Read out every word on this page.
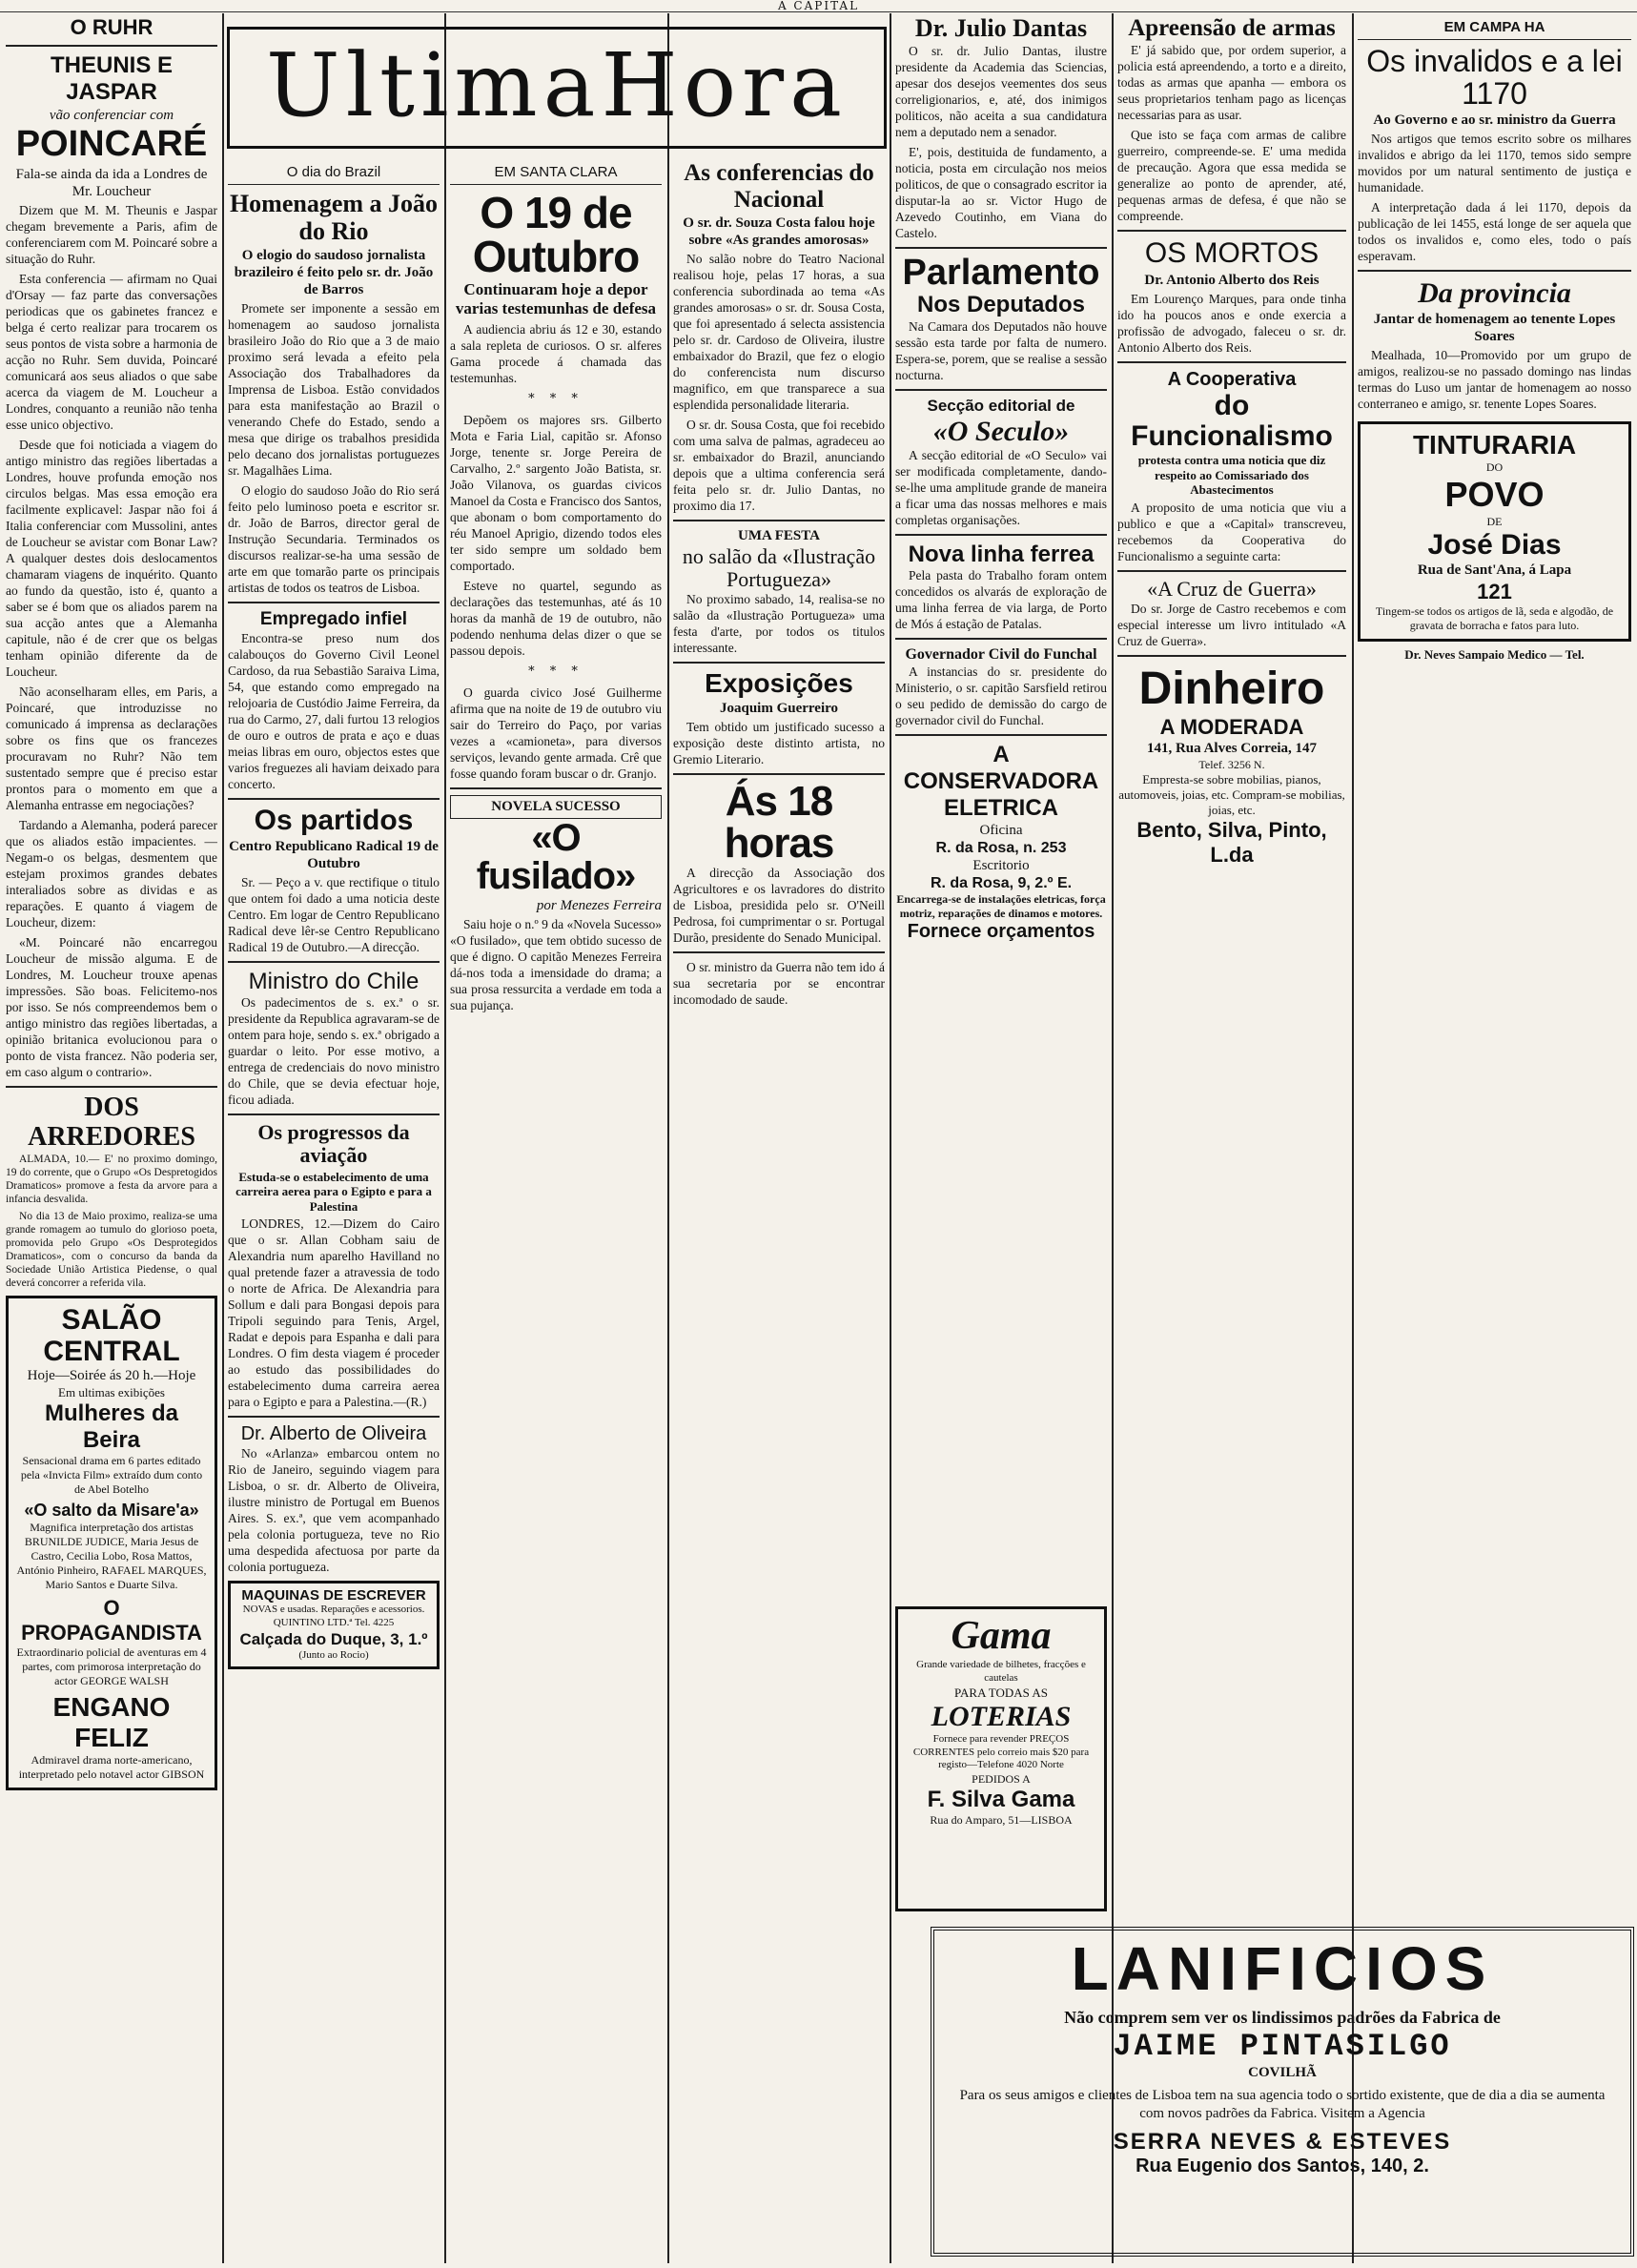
A CAPITAL
UltimaHora
O RUHR
THEUNIS E JASPAR
vão conferenciar com
POINCARÉ
Fala-se ainda da ida a Londres de Mr. Loucheur

Dizem que M. M. Theunis e Jaspar chegam brevemente a Paris, afim de conferenciarem com M. Poincaré sobre a situação do Ruhr.

Esta conferencia — afirmam no Quai d'Orsay — faz parte das conversações periodicas que os gabinetes francez e belga é certo realizar para trocarem os seus pontos de vista sobre a harmonia de acção no Ruhr. Sem duvida, Poincaré comunicará aos seus aliados o que sabe acerca da viagem de M. Loucheur a Londres, conquanto a reunião não tenha esse unico objectivo.

Desde que foi noticiada a viagem do antigo ministro das regiões libertadas a Londres, houve profunda emoção nos circulos belgas. Mas essa emoção era facilmente explicavel: Jaspar não foi á Italia conferenciar com Mussolini, antes de Loucheur se avistar com Bonar Law? A qualquer destes dois deslocamentos chamaram viagens de inquérito. Quanto ao fundo da questão, isto é, quanto a saber se é bom que os aliados parem na sua acção antes que a Alemanha capitule, não é de crer que os belgas tenham opinião diferente da de Loucheur.

Não aconselharam elles, em Paris, a Poincaré, que introduzisse no comunicado á imprensa as declarações sobre os fins que os francezes procuravam no Ruhr? Não tem sustentado sempre que é preciso estar prontos para o momento em que a Alemanha entrasse em negociações?

Tardando a Alemanha, poderá parecer que os aliados estão impacientes. — Negam-o os belgas, desmentem que estejam proximos grandes debates interaliados sobre as dividas e as reparações. E quanto á viagem de Loucheur, dizem:

«M. Poincaré não encarregou Loucheur de missão alguma. E de Londres, M. Loucheur trouxe apenas impressões. São boas. Felicitemo-nos por isso. Se nós compreendemos bem o antigo ministro das regiões libertadas, a opinião britanica evolucionou para o ponto de vista francez. Não poderia ser, em caso algum o contrario».

DOS ARREDORES

ALMADA, 10.— E' no proximo domingo, 19 do corrente, que o Grupo «Os Despretogidos Dramaticos» promove a festa da arvore para a infancia desvalida.

No dia 13 de Maio proximo, realiza-se uma grande romagem ao tumulo do glorioso poeta, promovida pelo Grupo «Os Desprotegidos Dramaticos», com o concurso da banda da Sociedade União Artistica Piedense, o qual deverá concorrer a referida vila.

SALÃO CENTRAL
Hoje—Soirée ás 20 h.—Hoje
Em ultimas exibições
Mulheres da Beira
Sensacional drama em 6 partes editado pela «Invicta Film» extraído dum conto de Abel Botelho
«O salto da Misare'a»
Magnifica interpretação dos artistas BRUNILDE JUDICE, Maria Jesus de Castro, Cecilia Lobo, Rosa Mattos, António Pinheiro, RAFAEL MARQUES, Mario Santos e Duarte Silva.
O PROPAGANDISTA
Extraordinario policial de aventuras em 4 partes, com primorosa interpretação do actor GEORGE WALSH
ENGANO FELIZ
Admiravel drama norte-americano, interpretado pelo notavel actor GIBSON
O dia do Brazil
Homenagem a João do Rio
O elogio do saudoso jornalista brazileiro é feito pelo sr. dr. João de Barros

Promete ser imponente a sessão em homenagem ao saudoso jornalista brasileiro João do Rio que a 3 de maio proximo será levada a efeito pela Associação dos Trabalhadores da Imprensa de Lisboa. Estão convidados para esta manifestação ao Brazil o venerando Chefe do Estado, sendo a mesa que dirige os trabalhos presidida pelo decano dos jornalistas portuguezes sr. Magalhães Lima.

O elogio do saudoso João do Rio será feito pelo luminoso poeta e escritor sr. dr. João de Barros, director geral de Instrução Secundaria. Terminados os discursos realizar-se-ha uma sessão de arte em que tomarão parte os principais artistas de todos os teatros de Lisboa.

Empregado infiel

Encontra-se preso num dos calabouços do Governo Civil Leonel Cardoso, da rua Sebastião Saraiva Lima, 54, que estando como empregado na relojoaria de Custódio Jaime Ferreira, da rua do Carmo, 27, dali furtou 13 relogios de ouro e outros de prata e aço e duas meias libras em ouro, objectos estes que varios freguezes ali haviam deixado para concerto.

Os partidos
Centro Republicano Radical 19 de Outubro

Sr. — Peço a v. que rectifique o titulo que ontem foi dado a uma noticia deste Centro. Em logar de Centro Republicano Radical deve lêr-se Centro Republicano Radical 19 de Outubro.—A direcção.

Ministro do Chile

Os padecimentos de s. ex.ª o sr. presidente da Republica agravaram-se de ontem para hoje, sendo s. ex.ª obrigado a guardar o leito. Por esse motivo, a entrega de credenciais do novo ministro do Chile, que se devia efectuar hoje, ficou adiada.

Os progressos da aviação
Estuda-se o estabelecimento de uma carreira aerea para o Egipto e para a Palestina

LONDRES, 12.—Dizem do Cairo que o sr. Allan Cobham saiu de Alexandria num aparelho Havilland no qual pretende fazer a atravessia de todo o norte de Africa. De Alexandria para Sollum e dali para Bongasi depois para Tripoli seguindo para Tenis, Argel, Radat e depois para Espanha e dali para Londres. O fim desta viagem é proceder ao estudo das possibilidades do estabelecimento duma carreira aerea para o Egipto e para a Palestina.—(R.)

Dr. Alberto de Oliveira

No «Arlanza» embarcou ontem no Rio de Janeiro, seguindo viagem para Lisboa, o sr. dr. Alberto de Oliveira, ilustre ministro de Portugal em Buenos Aires. S. ex.ª, que vem acompanhado pela colonia portugueza, teve no Rio uma despedida afectuosa por parte da colonia portugueza.

MAQUINAS DE ESCREVER
NOVAS e usadas. Reparações e acessorios. QUINTINO LTD.ª Tel. 4225
Calçada do Duque, 3, 1.º
(Junto ao Rocio)
EM SANTA CLARA
O 19 de Outubro
Continuaram hoje a depor varias testemunhas de defesa

A audiencia abriu ás 12 e 30, estando a sala repleta de curiosos. O sr. alferes Gama procede á chamada das testemunhas.

* * *

Depõem os majores srs. Gilberto Mota e Faria Lial, capitão sr. Afonso Jorge, tenente sr. Jorge Pereira de Carvalho, 2.º sargento João Batista, sr. João Vilanova, os guardas civicos Manoel da Costa e Francisco dos Santos, que abonam o bom comportamento do réu Manoel Aprigio, dizendo todos eles ter sido sempre um soldado bem comportado.

Esteve no quartel, segundo as declarações das testemunhas, até ás 10 horas da manhã de 19 de outubro, não podendo nenhuma delas dizer o que se passou depois.

* * *

O guarda civico José Guilherme afirma que na noite de 19 de outubro viu sair do Terreiro do Paço, por varias vezes a «camioneta», para diversos serviços, levando gente armada. Crê que fosse quando foram buscar o dr. Granjo.

NOVELA SUCESSO
«O fusilado»
por Menezes Ferreira

Saiu hoje o n.º 9 da «Novela Sucesso» «O fusilado», que tem obtido sucesso de que é digno. O capitão Menezes Ferreira dá-nos toda a imensidade do drama; a sua prosa ressurcita a verdade em toda a sua pujança.

As conferencias do Nacional
O sr. dr. Souza Costa falou hoje sobre «As grandes amorosas»

No salão nobre do Teatro Nacional realisou hoje, pelas 17 horas, a sua conferencia subordinada ao tema «As grandes amorosas» o sr. dr. Sousa Costa, que foi apresentado á selecta assistencia pelo sr. dr. Cardoso de Oliveira, ilustre embaixador do Brazil, que fez o elogio do conferencista num discurso magnifico, em que transparece a sua esplendida personalidade literaria.

O sr. dr. Sousa Costa, que foi recebido com uma salva de palmas, agradeceu ao sr. embaixador do Brazil, anunciando depois que a ultima conferencia será feita pelo sr. dr. Julio Dantas, no proximo dia 17.

UMA FESTA
no salão da «Ilustração Portugueza»

No proximo sabado, 14, realisa-se no salão da «Ilustração Portugueza» uma festa d'arte, por todos os titulos interessante.

Exposições
Joaquim Guerreiro

Tem obtido um justificado sucesso a exposição deste distinto artista, no Gremio Literario.

Ás 18 horas

A direcção da Associação dos Agricultores e os lavradores do distrito de Lisboa, presidida pelo sr. O'Neill Pedrosa, foi cumprimentar o sr. Portugal Durão, presidente do Senado Municipal.

O sr. ministro da Guerra não tem ido á sua secretaria por se encontrar incomodado de saude.

Dr. Julio Dantas

O sr. dr. Julio Dantas, ilustre presidente da Academia das Sciencias, apesar dos desejos veementes dos seus correligionarios, e, até, dos inimigos politicos, não aceita a sua candidatura nem a deputado nem a senador.

E', pois, destituida de fundamento, a noticia, posta em circulação nos meios politicos, de que o consagrado escritor ia disputar-la ao sr. Victor Hugo de Azevedo Coutinho, em Viana do Castelo.

Parlamento
Nos Deputados

Na Camara dos Deputados não houve sessão esta tarde por falta de numero. Espera-se, porem, que se realise a sessão nocturna.

Secção editorial de
«O Seculo»

A secção editorial de «O Seculo» vai ser modificada completamente, dando-se-lhe uma amplitude grande de maneira a ficar uma das nossas melhores e mais completas organisações.

Nova linha ferrea

Pela pasta do Trabalho foram ontem concedidos os alvarás de exploração de uma linha ferrea de via larga, de Porto de Mós á estação de Patalas.

Governador Civil do Funchal

A instancias do sr. presidente do Ministerio, o sr. capitão Sarsfield retirou o seu pedido de demissão do cargo de governador civil do Funchal.

A CONSERVADORA ELETRICA
Oficina
R. da Rosa, n. 253
Escritorio
R. da Rosa, 9, 2.º E.
Encarrega-se de instalações eletricas, força motriz, reparações de dinamos e motores.
Fornece orçamentos
Gama
Grande variedade de bilhetes, fracções e cautelas
PARA TODAS AS
LOTERIAS
Fornece para revender PREÇOS CORRENTES pelo correio mais $20 para registo—Telefone 4020 Norte
PEDIDOS A
F. Silva Gama
Rua do Amparo, 51—LISBOA
Apreensão de armas

E' já sabido que, por ordem superior, a policia está apreendendo, a torto e a direito, todas as armas que apanha — embora os seus proprietarios tenham pago as licenças necessarias para as usar.

Que isto se faça com armas de calibre guerreiro, compreende-se. E' uma medida de precaução. Agora que essa medida se generalize ao ponto de aprender, até, pequenas armas de defesa, é que não se compreende.

OS MORTOS
Dr. Antonio Alberto dos Reis

Em Lourenço Marques, para onde tinha ido ha poucos anos e onde exercia a profissão de advogado, faleceu o sr. dr. Antonio Alberto dos Reis.

A Cooperativa
do Funcionalismo
protesta contra uma noticia que diz respeito ao Comissariado dos Abastecimentos

A proposito de uma noticia que viu a publico e que a «Capital» transcreveu, recebemos da Cooperativa do Funcionalismo a seguinte carta:

«A Cruz de Guerra»

Do sr. Jorge de Castro recebemos e com especial interesse um livro intitulado «A Cruz de Guerra».

Dinheiro
A MODERADA
141, Rua Alves Correia, 147
Telef. 3256 N.
Empresta-se sobre mobilias, pianos, automoveis, joias, etc. Compram-se mobilias, joias, etc.
Bento, Silva, Pinto, L.da
EM CAMPA HA
Os invalidos e a lei 1170
Ao Governo e ao sr. ministro da Guerra

Nos artigos que temos escrito sobre os milhares invalidos e abrigo da lei 1170, temos sido sempre movidos por um natural sentimento de justiça e humanidade.

A interpretação dada á lei 1170, depois da publicação de lei 1455, está longe de ser aquela que todos os invalidos e, como eles, todo o país esperavam.

Da provincia
Jantar de homenagem ao tenente Lopes Soares

Mealhada, 10—Promovido por um grupo de amigos, realizou-se no passado domingo nas lindas termas do Luso um jantar de homenagem ao nosso conterraneo e amigo, sr. tenente Lopes Soares.

TINTURARIA
DO
POVO
DE
José Dias
Rua de Sant'Ana, á Lapa
121
Tingem-se todos os artigos de lã, seda e algodão, de gravata de borracha e fatos para luto.
Dr. Neves Sampaio Medico — Tel.
LANIFICIOS
Não comprem sem ver os lindissimos padrões da Fabrica de
JAIME PINTASILGO
COVILHÃ
Para os seus amigos e clientes de Lisboa tem na sua agencia todo o sortido existente, que de dia a dia se aumenta com novos padrões da Fabrica. Visitem a Agencia
SERRA NEVES & ESTEVES
Rua Eugenio dos Santos, 140, 2.
